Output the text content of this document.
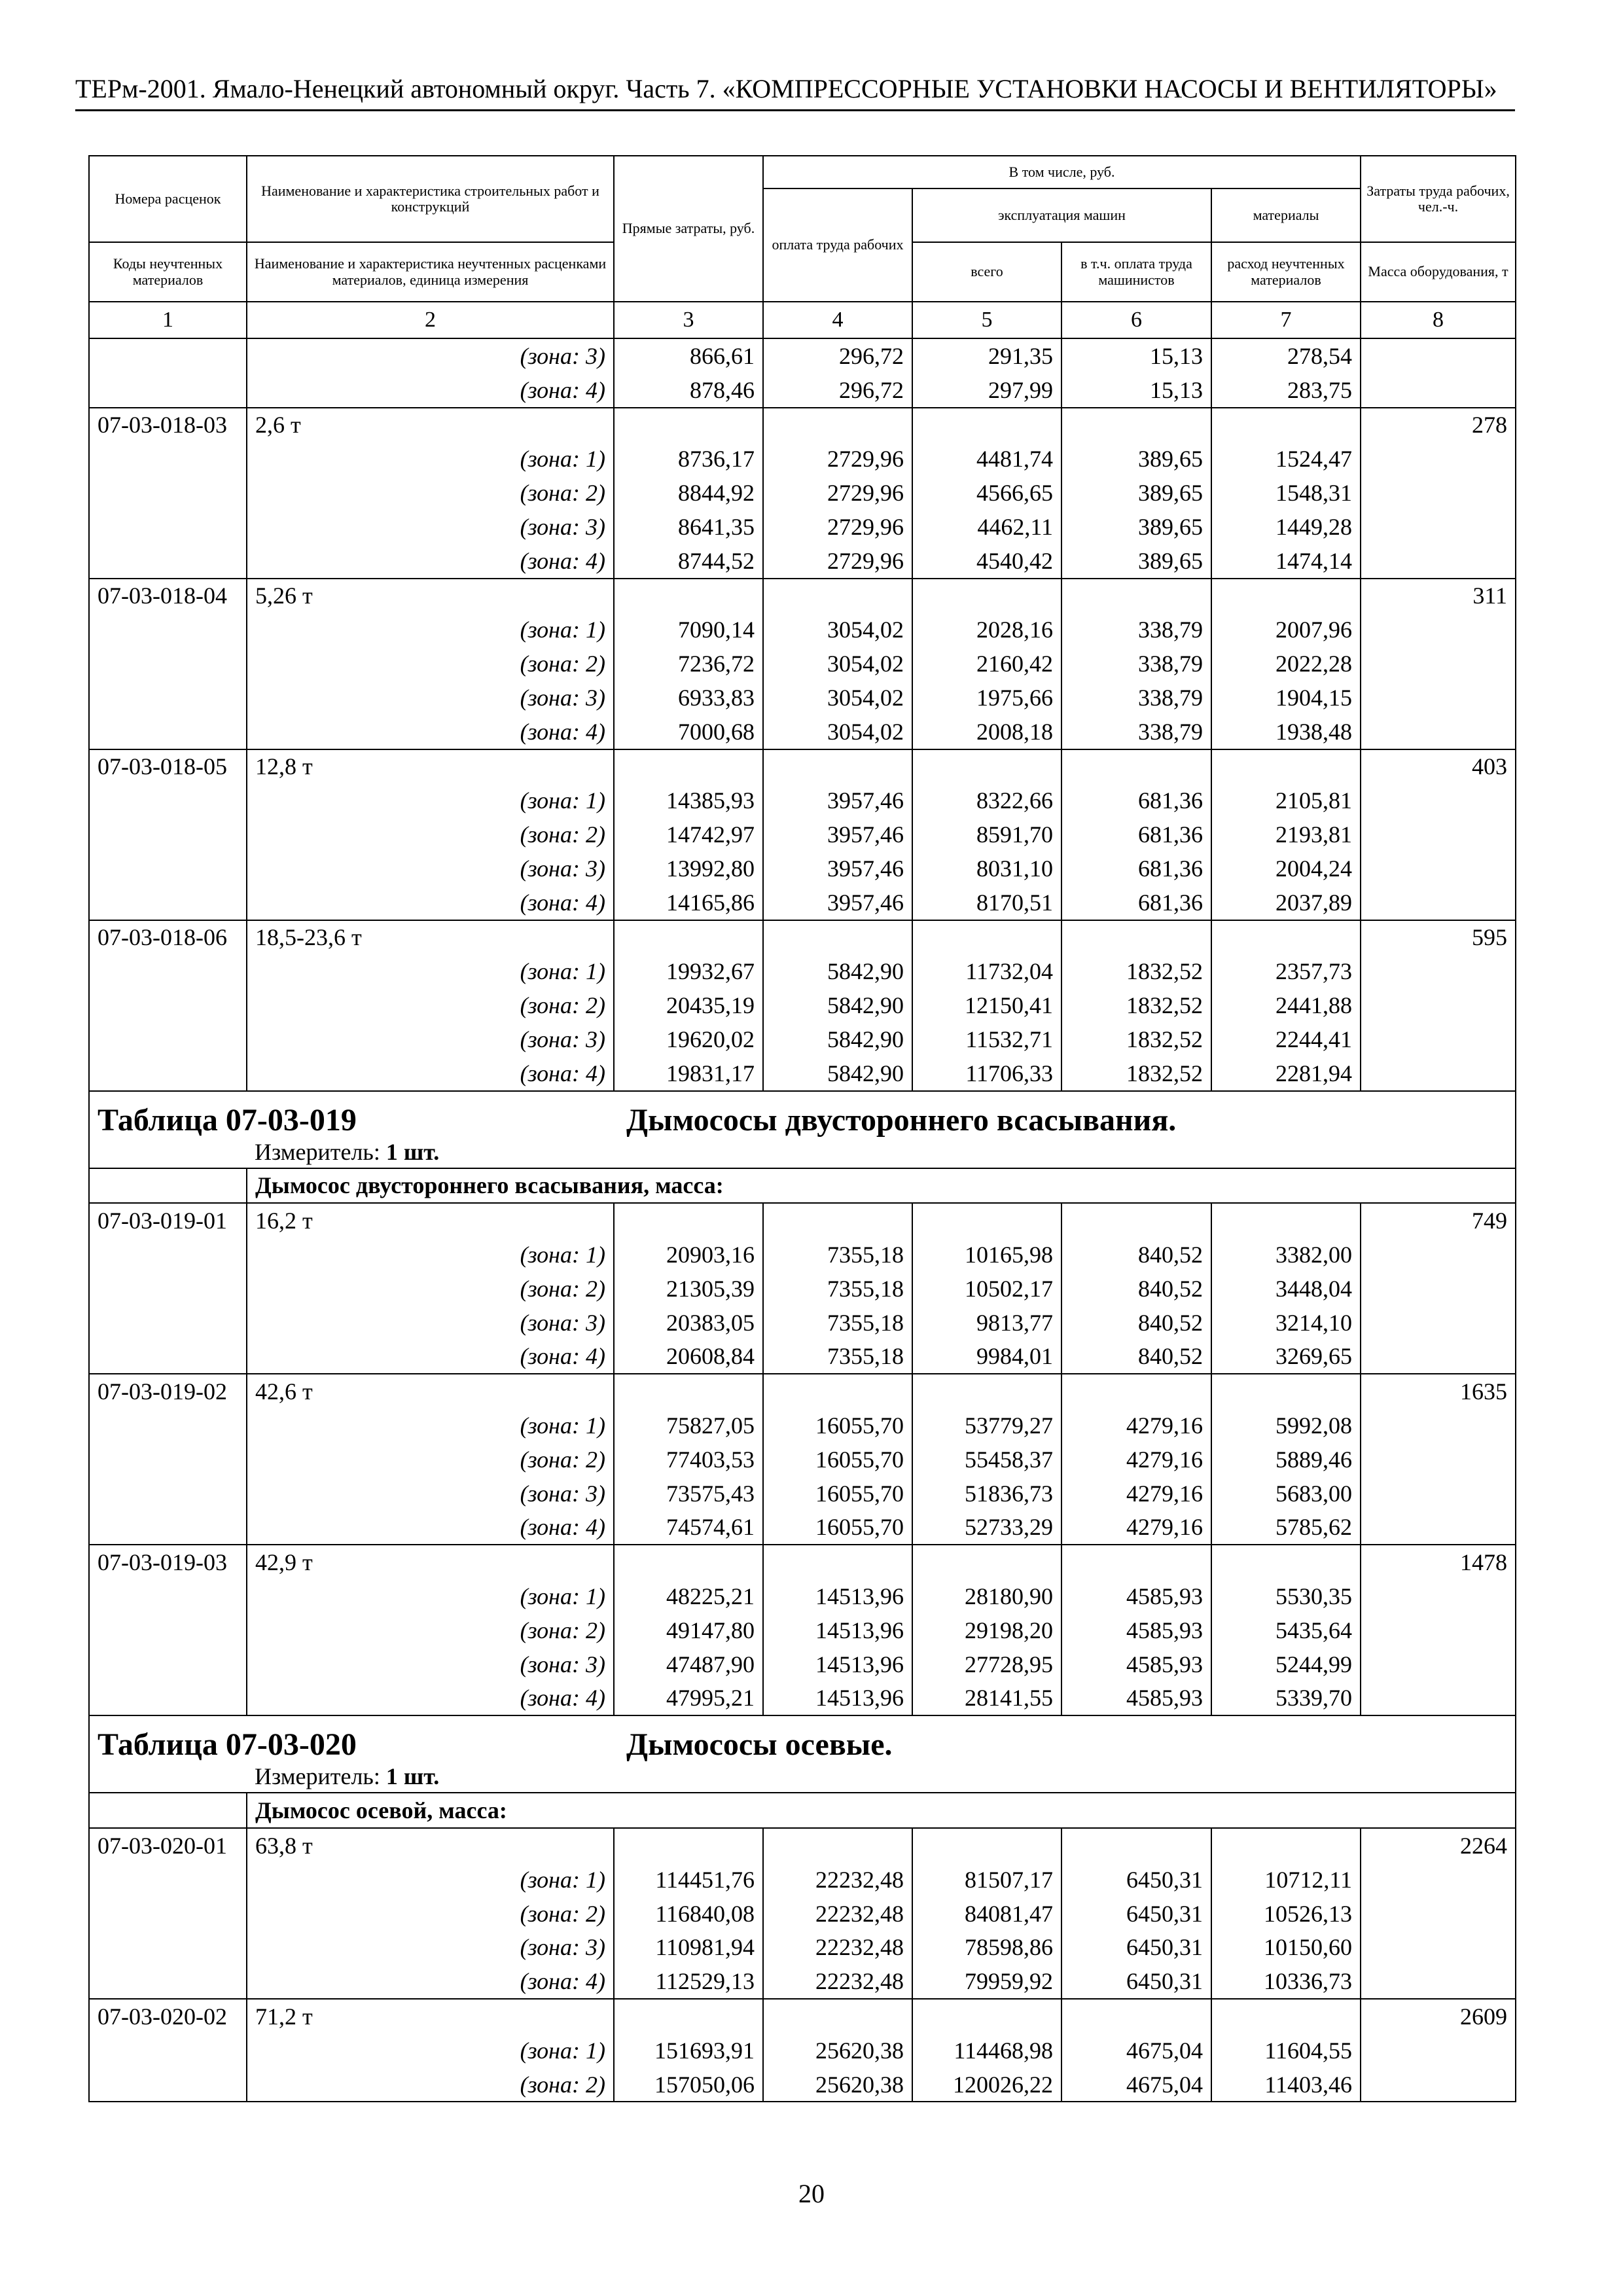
ТЕРм-2001. Ямало-Ненецкий автономный округ. Часть 7. «КОМПРЕССОРНЫЕ УСТАНОВКИ НАСОСЫ И ВЕНТИЛЯТОРЫ»
Номера расценок	Наименование и характеристика строительных работ и конструкций	Прямые затраты, руб.	В том числе, руб.				Затраты труда рабочих, чел.-ч.
			оплата труда рабочих	эксплуатация машин		материалы	
Коды неучтенных материалов	Наименование и характеристика неучтенных расценками материалов, единица измерения			всего	в т.ч. оплата труда машинистов	расход неучтенных материалов	Масса оборудования, т
1	2	3	4	5	6	7	8
	(зона: 3)	866,61	296,72	291,35	15,13	278,54	
	(зона: 4)	878,46	296,72	297,99	15,13	283,75	
07-03-018-03	2,6 т						278
	(зона: 1)	8736,17	2729,96	4481,74	389,65	1524,47	
	(зона: 2)	8844,92	2729,96	4566,65	389,65	1548,31	
	(зона: 3)	8641,35	2729,96	4462,11	389,65	1449,28	
	(зона: 4)	8744,52	2729,96	4540,42	389,65	1474,14	
07-03-018-04	5,26 т						311
	(зона: 1)	7090,14	3054,02	2028,16	338,79	2007,96	
	(зона: 2)	7236,72	3054,02	2160,42	338,79	2022,28	
	(зона: 3)	6933,83	3054,02	1975,66	338,79	1904,15	
	(зона: 4)	7000,68	3054,02	2008,18	338,79	1938,48	
07-03-018-05	12,8 т						403
	(зона: 1)	14385,93	3957,46	8322,66	681,36	2105,81	
	(зона: 2)	14742,97	3957,46	8591,70	681,36	2193,81	
	(зона: 3)	13992,80	3957,46	8031,10	681,36	2004,24	
	(зона: 4)	14165,86	3957,46	8170,51	681,36	2037,89	
07-03-018-06	18,5-23,6 т						595
	(зона: 1)	19932,67	5842,90	11732,04	1832,52	2357,73	
	(зона: 2)	20435,19	5842,90	12150,41	1832,52	2441,88	
	(зона: 3)	19620,02	5842,90	11532,71	1832,52	2244,41	
	(зона: 4)	19831,17	5842,90	11706,33	1832,52	2281,94	

Таблица 07-03-019 Дымососы двустороннего всасывания.
Измеритель: 1 шт.							

	Дымосос двустороннего всасывания, масса:						
07-03-019-01	16,2 т						749
	(зона: 1)	20903,16	7355,18	10165,98	840,52	3382,00	
	(зона: 2)	21305,39	7355,18	10502,17	840,52	3448,04	
	(зона: 3)	20383,05	7355,18	9813,77	840,52	3214,10	
	(зона: 4)	20608,84	7355,18	9984,01	840,52	3269,65	
07-03-019-02	42,6 т						1635
	(зона: 1)	75827,05	16055,70	53779,27	4279,16	5992,08	
	(зона: 2)	77403,53	16055,70	55458,37	4279,16	5889,46	
	(зона: 3)	73575,43	16055,70	51836,73	4279,16	5683,00	
	(зона: 4)	74574,61	16055,70	52733,29	4279,16	5785,62	
07-03-019-03	42,9 т						1478
	(зона: 1)	48225,21	14513,96	28180,90	4585,93	5530,35	
	(зона: 2)	49147,80	14513,96	29198,20	4585,93	5435,64	
	(зона: 3)	47487,90	14513,96	27728,95	4585,93	5244,99	
	(зона: 4)	47995,21	14513,96	28141,55	4585,93	5339,70	

Таблица 07-03-020 Дымососы осевые.
Измеритель: 1 шт.							

	Дымосос осевой, масса:						
07-03-020-01	63,8 т						2264
	(зона: 1)	114451,76	22232,48	81507,17	6450,31	10712,11	
	(зона: 2)	116840,08	22232,48	84081,47	6450,31	10526,13	
	(зона: 3)	110981,94	22232,48	78598,86	6450,31	10150,60	
	(зона: 4)	112529,13	22232,48	79959,92	6450,31	10336,73	
07-03-020-02	71,2 т						2609
	(зона: 1)	151693,91	25620,38	114468,98	4675,04	11604,55	
	(зона: 2)	157050,06	25620,38	120026,22	4675,04	11403,46	
20
